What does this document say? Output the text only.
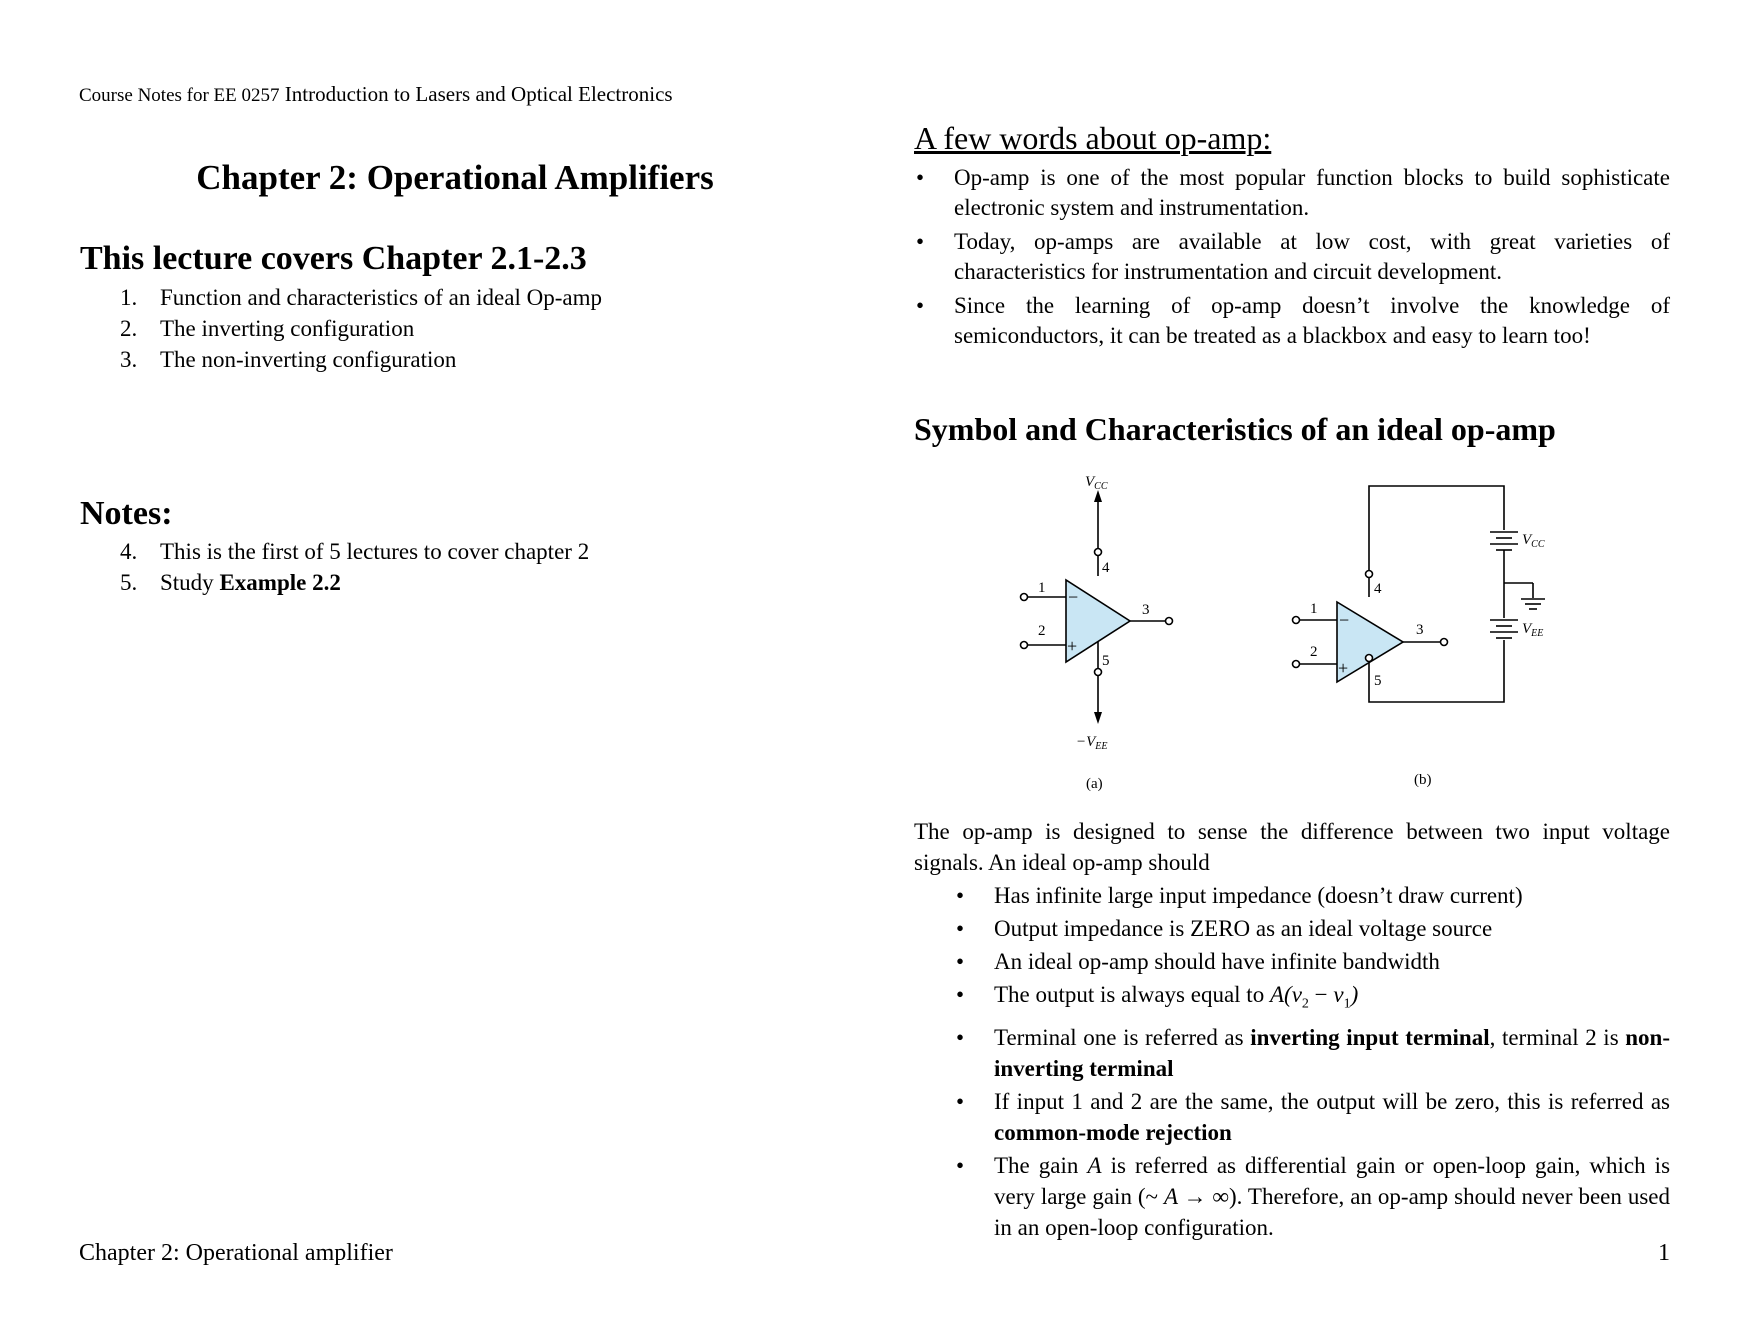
Course Notes for EE 0257 Introduction to Lasers and Optical Electronics
Chapter 2: Operational Amplifiers
This lecture covers Chapter 2.1-2.3
1. Function and characteristics of an ideal Op-amp
2. The inverting configuration
3. The non-inverting configuration
Notes:
4. This is the first of 5 lectures to cover chapter 2
5. Study Example 2.2
A few words about op-amp:
• Op-amp is one of the most popular function blocks to build sophisticate electronic system and instrumentation.
• Today, op-amps are available at low cost, with great varieties of characteristics for instrumentation and circuit development.
• Since the learning of op-amp doesn’t involve the knowledge of semiconductors, it can be treated as a blackbox and easy to learn too!
Symbol and Characteristics of an ideal op-amp
$V_{CC}$
1
2
3
4
5
−
+
$-V_{EE}$
(a)
1
2
3
4
5
−
+
$V_{CC}$
$V_{EE}$
(b)
The op-amp is designed to sense the difference between two input voltage signals. An ideal op-amp should
• Has infinite large input impedance (doesn’t draw current)
• Output impedance is ZERO as an ideal voltage source
• An ideal op-amp should have infinite bandwidth
• The output is always equal to $A(v_2 - v_1)$
• Terminal one is referred as inverting input terminal, terminal 2 is non-inverting terminal
• If input 1 and 2 are the same, the output will be zero, this is referred as common-mode rejection
• The gain A is referred as differential gain or open-loop gain, which is very large gain (~ A → ∞). Therefore, an op-amp should never been used in an open-loop configuration.
Chapter 2: Operational amplifier	1
